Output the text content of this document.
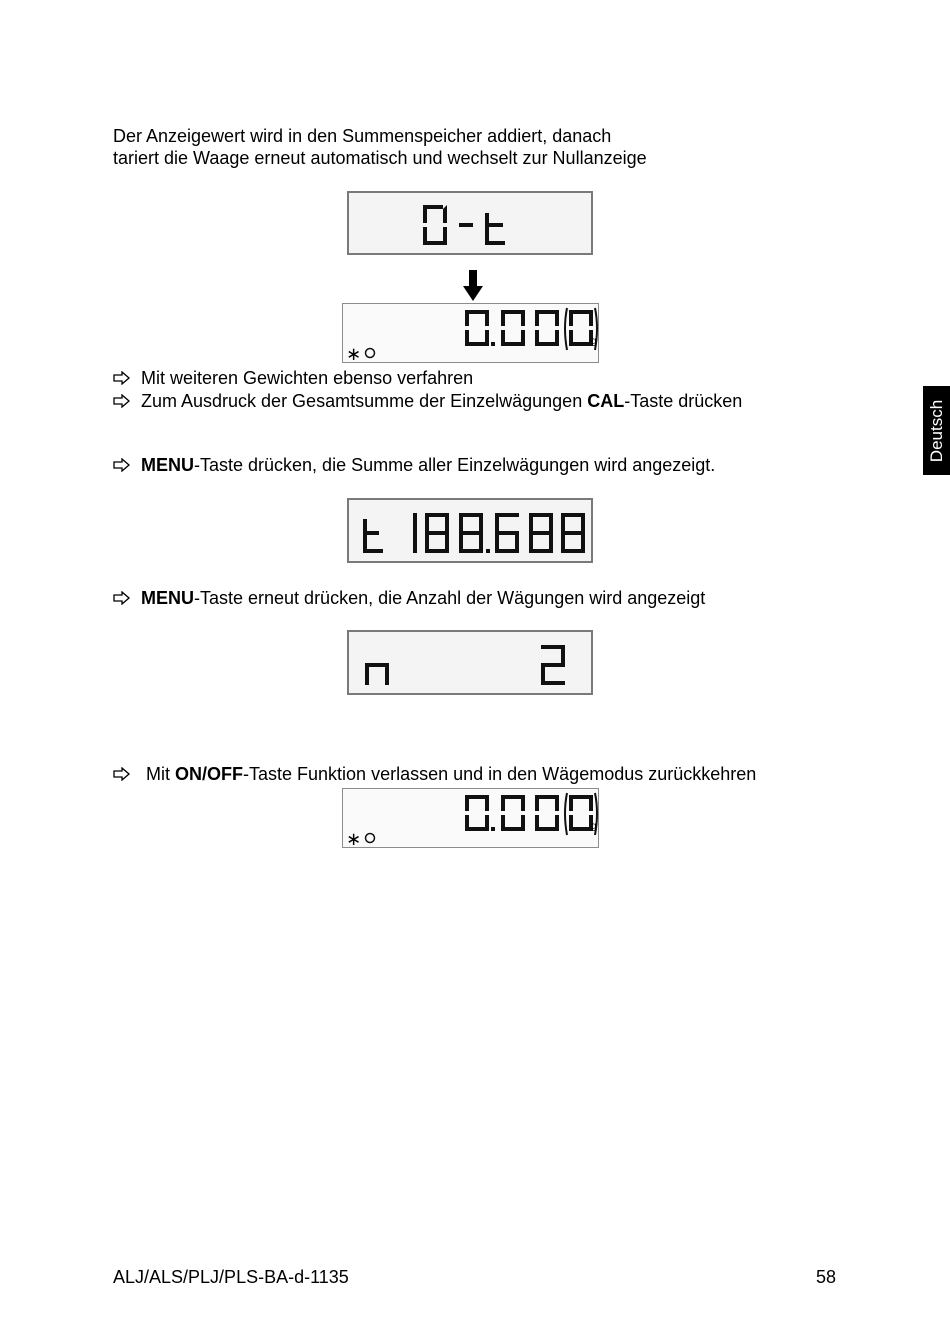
Der Anzeigewert wird in den Summenspeicher addiert, danach
tariert die Waage erneut automatisch und wechselt zur Nullanzeige
∗
g
Mit weiteren Gewichten ebenso verfahren
Zum Ausdruck der Gesamtsumme der Einzelwägungen CAL-Taste drücken	Deutsch
MENU-Taste drücken, die Summe aller Einzelwägungen wird angezeigt.
MENU-Taste erneut drücken, die Anzahl der Wägungen wird angezeigt
Mit ON/OFF-Taste Funktion verlassen und in den Wägemodus zurückkehren
∗
g
ALJ/ALS/PLJ/PLS-BA-d-1135	58
